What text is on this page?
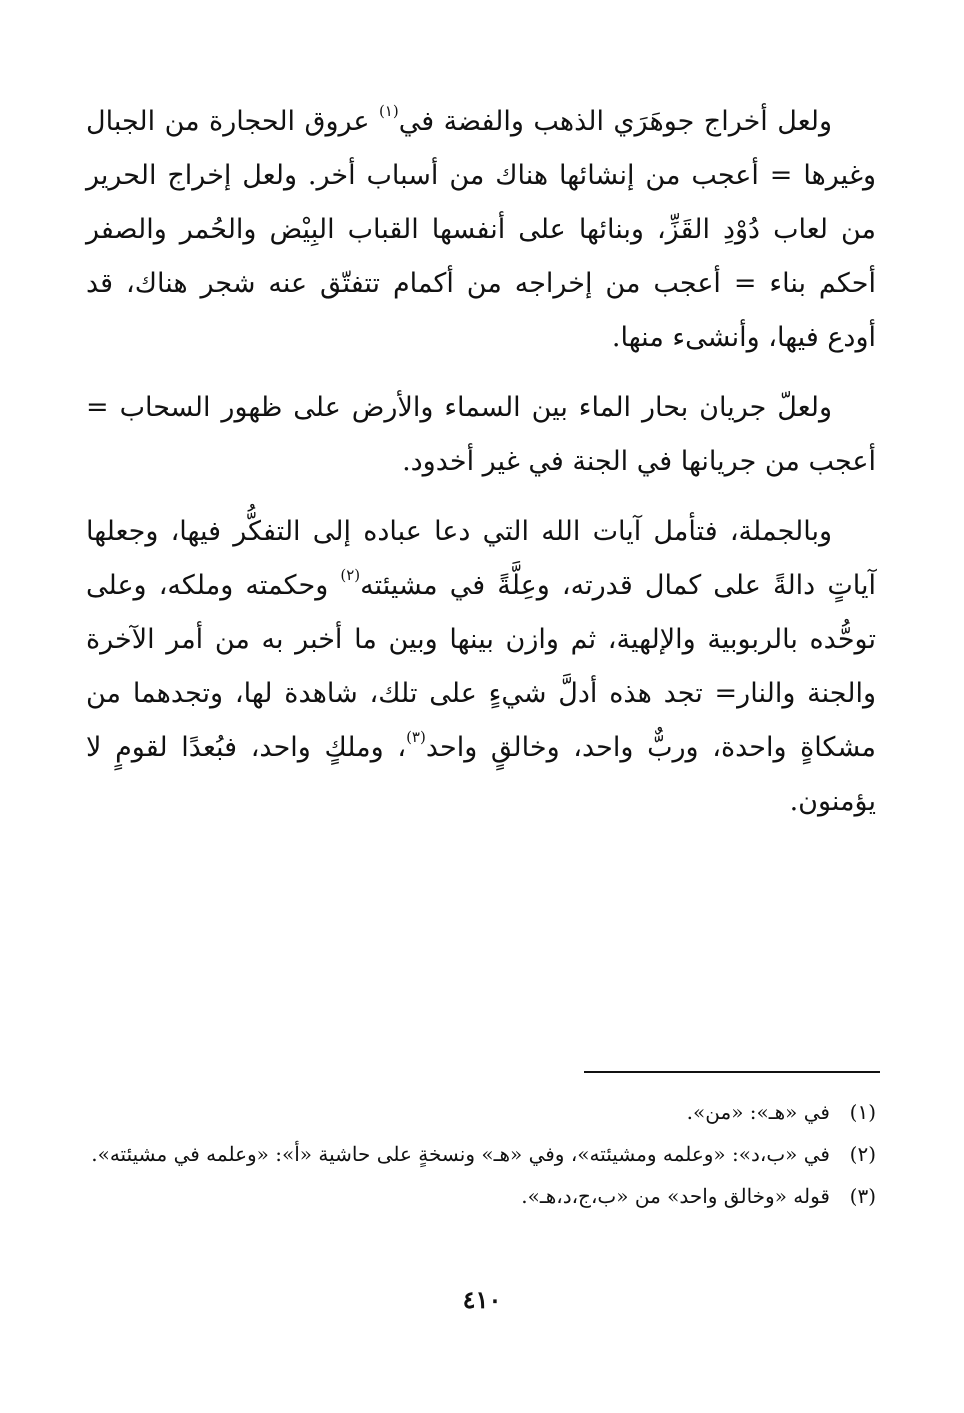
ولعل أخراج جوهَرَي الذهب والفضة في$^{(١)}$ عروق الحجارة من الجبال وغيرها = أعجب من إنشائها هناك من أسباب أخر. ولعل إخراج الحرير من لعاب دُوْدِ القَزِّ، وبنائها على أنفسها القباب البِيْض والحُمر والصفر أحكم بناء = أعجب من إخراجه من أكمام تتفتّق عنه شجر هناك، قد أودع فيها، وأنشىء منها.

ولعلّ جريان بحار الماء بين السماء والأرض على ظهور السحاب = أعجب من جريانها في الجنة في غير أخدود.

وبالجملة، فتأمل آيات الله التي دعا عباده إلى التفكُّر فيها، وجعلها آياتٍ دالةً على كمال قدرته، وعِلَّةً في مشيئته$^{(٢)}$ وحكمته وملكه، وعلى توحُّده بالربوبية والإلهية، ثم وازن بينها وبين ما أخبر به من أمر الآخرة والجنة والنار= تجد هذه أدلَّ شيءٍ على تلك، شاهدة لها، وتجدهما من مشكاةٍ واحدة، وربٌّ واحد، وخالقٍ واحد$^{(٣)}$، وملكٍ واحد، فبُعدًا لقومٍ لا يؤمنون.

(١)
في «هـ»: «من».
(٢)
في «ب،د»: «وعلمه ومشيئته»، وفي «هـ» ونسخةٍ على حاشية «أ»: «وعلمه في مشيئته».
(٣)
قوله «وخالق واحد» من «ب،ج،د،هـ».
٤١٠
